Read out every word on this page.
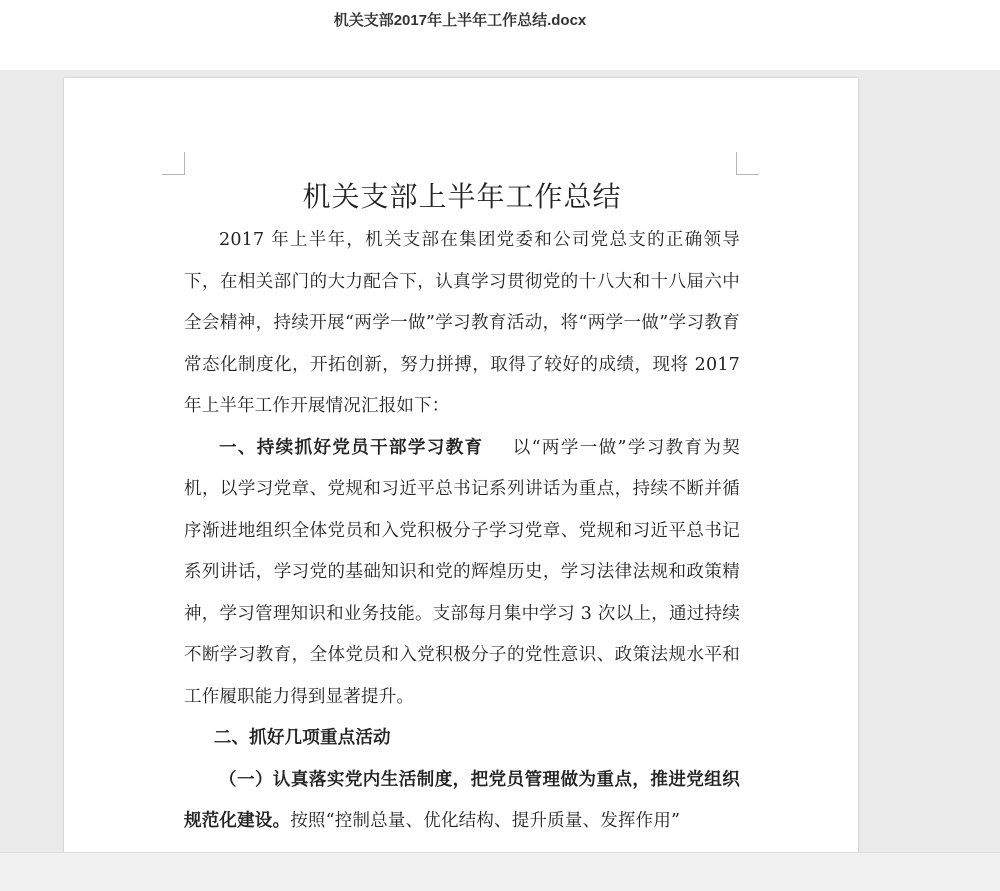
机关支部2017年上半年工作总结.docx
机关支部上半年工作总结

2017 年上半年，机关支部在集团党委和公司党总支的正确领导下，在相关部门的大力配合下，认真学习贯彻党的十八大和十八届六中全会精神，持续开展“两学一做”学习教育活动，将“两学一做”学习教育常态化制度化，开拓创新，努力拼搏，取得了较好的成绩，现将 2017 年上半年工作开展情况汇报如下：

一、持续抓好党员干部学习教育 以“两学一做”学习教育为契机，以学习党章、党规和习近平总书记系列讲话为重点，持续不断并循序渐进地组织全体党员和入党积极分子学习党章、党规和习近平总书记系列讲话，学习党的基础知识和党的辉煌历史，学习法律法规和政策精神，学习管理知识和业务技能。支部每月集中学习 3 次以上，通过持续不断学习教育，全体党员和入党积极分子的党性意识、政策法规水平和工作履职能力得到显著提升。

二、抓好几项重点活动

（一）认真落实党内生活制度，把党员管理做为重点，推进党组织规范化建设。按照“控制总量、优化结构、提升质量、发挥作用”
